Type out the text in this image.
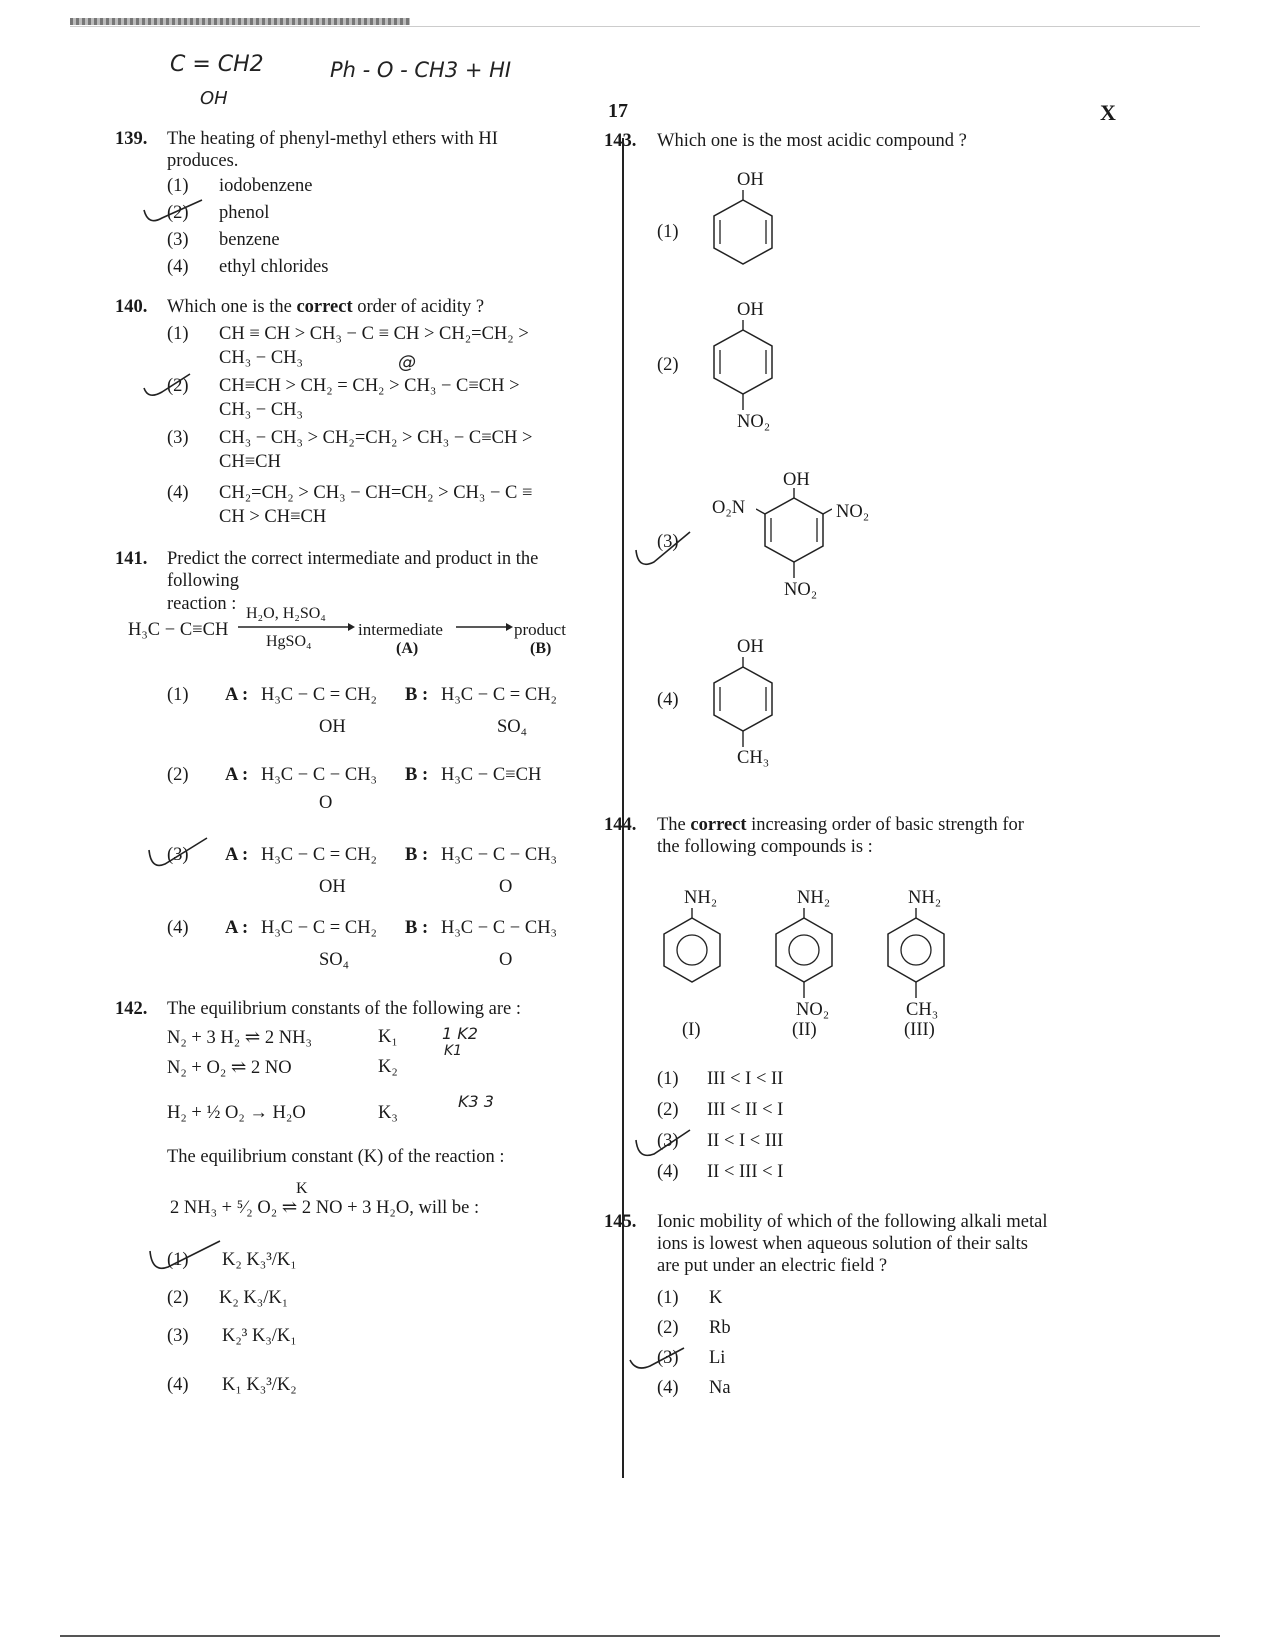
C = CH2
OH
Ph - O - CH3 + HI
17	X
139. The heating of phenyl-methyl ethers with HI
produces.
(1) iodobenzene
(2) phenol
(3) benzene
(4) ethyl chlorides
140. Which one is the correct order of acidity ?
(1) CH ≡ CH > CH₃ − C ≡ CH > CH₂=CH₂ >
CH₃ − CH₃
(2) CH≡CH > CH₂ = CH₂ > CH₃ − C≡CH >
CH₃ − CH₃
@
(3) CH₃ − CH₃ > CH₂=CH₂ > CH₃ − C≡CH >
CH≡CH
(4) CH₂=CH₂ > CH₃ − CH=CH₂ > CH₃ − C ≡
CH > CH≡CH
141. Predict the correct intermediate and product in the
following reaction :
H₃C − C≡CH
H₂O, H₂SO₄
HgSO₄
intermediate
(A)
→ product
(B)
(1) A : H₃C − C = CH₂
OH
B : H₃C − C = CH₂
SO₄
(2) A : H₃C − C − CH₃
O
B : H₃C − C≡CH
(3) A : H₃C − C = CH₂
OH
B : H₃C − C − CH₃
O
(4) A : H₃C − C = CH₂
SO₄
B : H₃C − C − CH₃
O
142. The equilibrium constants of the following are :
N₂ + 3 H₂ ⇌ 2 NH₃	K₁
N₂ + O₂ ⇌ 2 NO	K₂
H₂ + ½ O₂ → H₂O	K₃
1 K2
K1
K3 3
The equilibrium constant (K) of the reaction :
K
2 NH₃ + ⁵⁄₂ O₂ ⇌ 2 NO + 3 H₂O, will be :
(1) K₂ K₃³/K₁
(2) K₂ K₃/K₁
(3) K₂³ K₃/K₁
(4) K₁ K₃³/K₂
143. Which one is the most acidic compound ?
(1)
OH
(2)
OH
NO₂
(3)
OH
O₂N	NO₂
NO₂
(4)
OH
CH₃
144. The correct increasing order of basic strength for
the following compounds is :
NH₂
(I)
NH₂
NO₂
(II)
NH₂
CH₃
(III)
(1) III < I < II
(2) III < II < I
(3) II < I < III
(4) II < III < I
145. Ionic mobility of which of the following alkali metal
ions is lowest when aqueous solution of their salts
are put under an electric field ?
(1) K
(2) Rb
(3) Li
(4) Na
